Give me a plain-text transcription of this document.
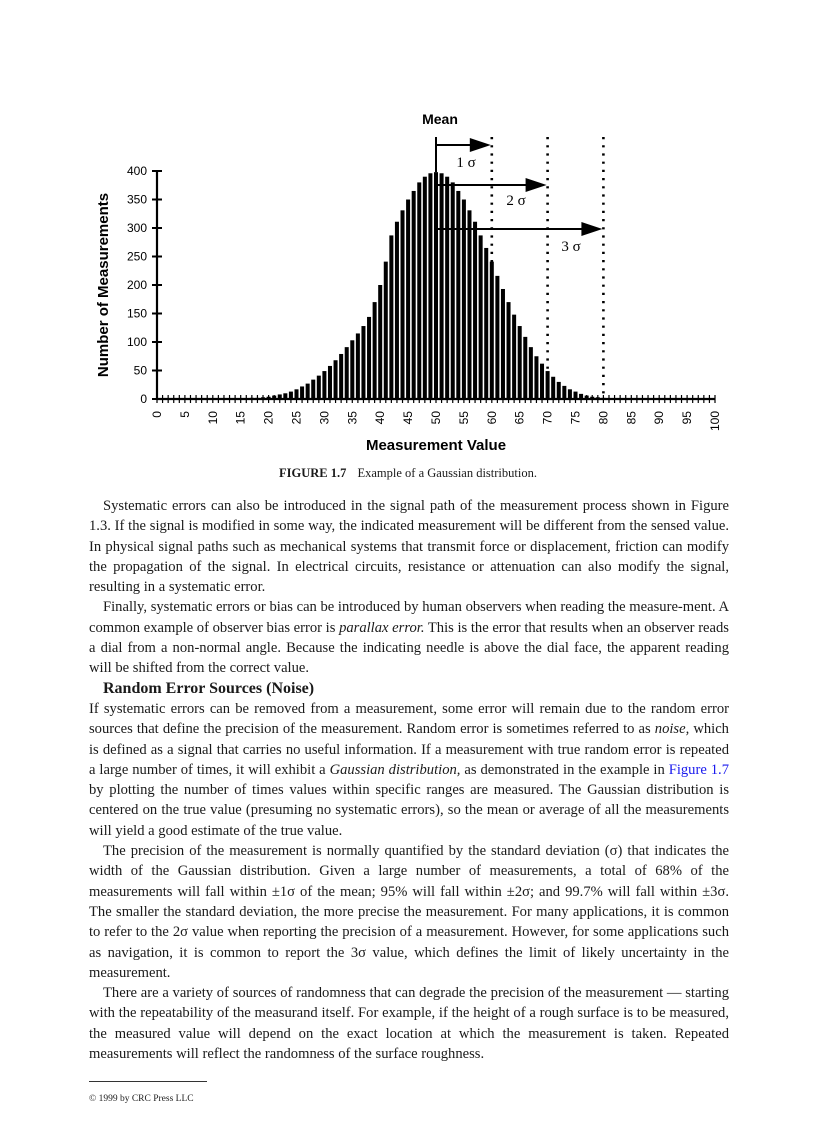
0
50
100
150
200
250
300
350
400
0 5 10 15 20 25 30 35 40 45 50 55 60 65 70 75 80 85 90 95 100
Measurement Value
Number of Measurements
Mean
1 σ
2 σ
3 σ
FIGURE 1.7 Example of a Gaussian distribution.

Systematic errors can also be introduced in the signal path of the measurement process shown in Figure 1.3. If the signal is modified in some way, the indicated measurement will be different from the sensed value. In physical signal paths such as mechanical systems that transmit force or displacement, friction can modify the propagation of the signal. In electrical circuits, resistance or attenuation can also modify the signal, resulting in a systematic error.

Finally, systematic errors or bias can be introduced by human observers when reading the measure-ment. A common example of observer bias error is parallax error. This is the error that results when an observer reads a dial from a non-normal angle. Because the indicating needle is above the dial face, the apparent reading will be shifted from the correct value.

Random Error Sources (Noise)

If systematic errors can be removed from a measurement, some error will remain due to the random error sources that define the precision of the measurement. Random error is sometimes referred to as noise, which is defined as a signal that carries no useful information. If a measurement with true random error is repeated a large number of times, it will exhibit a Gaussian distribution, as demonstrated in the example in Figure 1.7 by plotting the number of times values within specific ranges are measured. The Gaussian distribution is centered on the true value (presuming no systematic errors), so the mean or average of all the measurements will yield a good estimate of the true value.

The precision of the measurement is normally quantified by the standard deviation (σ) that indicates the width of the Gaussian distribution. Given a large number of measurements, a total of 68% of the measurements will fall within ±1σ of the mean; 95% will fall within ±2σ; and 99.7% will fall within ±3σ. The smaller the standard deviation, the more precise the measurement. For many applications, it is common to refer to the 2σ value when reporting the precision of a measurement. However, for some applications such as navigation, it is common to report the 3σ value, which defines the limit of likely uncertainty in the measurement.

There are a variety of sources of randomness that can degrade the precision of the measurement — starting with the repeatability of the measurand itself. For example, if the height of a rough surface is to be measured, the measured value will depend on the exact location at which the measurement is taken. Repeated measurements will reflect the randomness of the surface roughness.

© 1999 by CRC Press LLC
